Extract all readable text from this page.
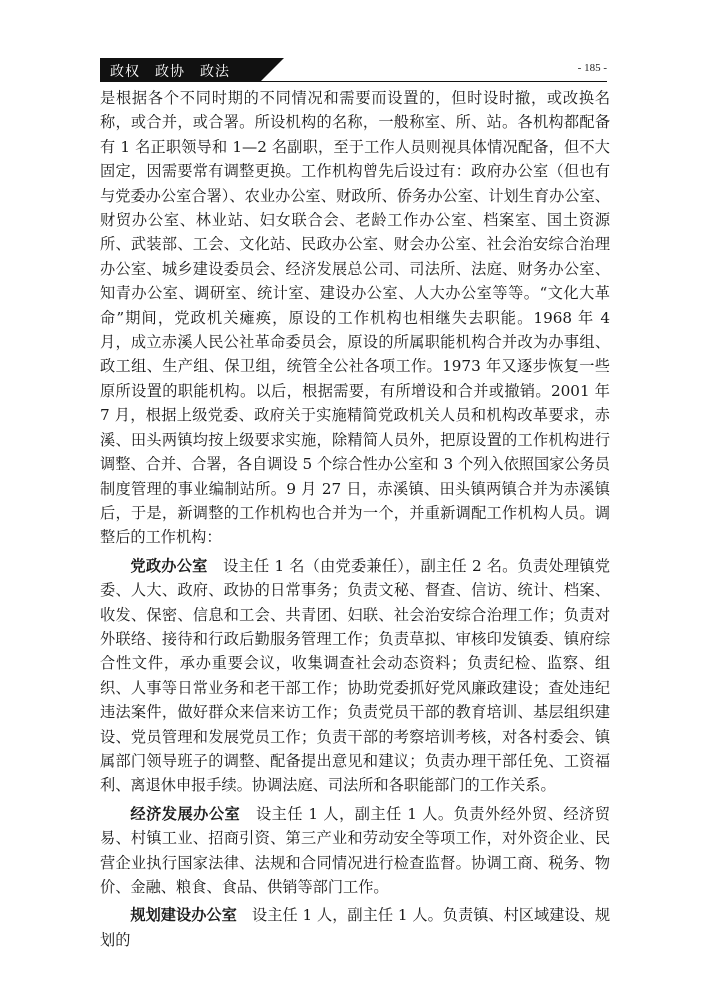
政权　政协　政法	- 185 -

是根据各个不同时期的不同情况和需要而设置的，但时设时撤，或改换名称，或合并，或合署。所设机构的名称，一般称室、所、站。各机构都配备有 1 名正职领导和 1—2 名副职，至于工作人员则视具体情况配备，但不大固定，因需要常有调整更换。工作机构曾先后设过有：政府办公室（但也有与党委办公室合署）、农业办公室、财政所、侨务办公室、计划生育办公室、财贸办公室、林业站、妇女联合会、老龄工作办公室、档案室、国土资源所、武装部、工会、文化站、民政办公室、财会办公室、社会治安综合治理办公室、城乡建设委员会、经济发展总公司、司法所、法庭、财务办公室、知青办公室、调研室、统计室、建设办公室、人大办公室等等。“文化大革命”期间，党政机关瘫痪，原设的工作机构也相继失去职能。1968 年 4 月，成立赤溪人民公社革命委员会，原设的所属职能机构合并改为办事组、政工组、生产组、保卫组，统管全公社各项工作。1973 年又逐步恢复一些原所设置的职能机构。以后，根据需要，有所增设和合并或撤销。2001 年 7 月，根据上级党委、政府关于实施精简党政机关人员和机构改革要求，赤溪、田头两镇均按上级要求实施，除精简人员外，把原设置的工作机构进行调整、合并、合署，各自调设 5 个综合性办公室和 3 个列入依照国家公务员制度管理的事业编制站所。9 月 27 日，赤溪镇、田头镇两镇合并为赤溪镇后，于是，新调整的工作机构也合并为一个，并重新调配工作机构人员。调整后的工作机构：

党政办公室　 设主任 1 名（由党委兼任），副主任 2 名。负责处理镇党委、人大、政府、政协的日常事务；负责文秘、督查、信访、统计、档案、收发、保密、信息和工会、共青团、妇联、社会治安综合治理工作；负责对外联络、接待和行政后勤服务管理工作；负责草拟、审核印发镇委、镇府综合性文件，承办重要会议，收集调查社会动态资料；负责纪检、监察、组织、人事等日常业务和老干部工作；协助党委抓好党风廉政建设；查处违纪违法案件，做好群众来信来访工作；负责党员干部的教育培训、基层组织建设、党员管理和发展党员工作；负责干部的考察培训考核，对各村委会、镇属部门领导班子的调整、配备提出意见和建议；负责办理干部任免、工资福利、离退休申报手续。协调法庭、司法所和各职能部门的工作关系。

经济发展办公室　 设主任 1 人，副主任 1 人。负责外经外贸、经济贸易、村镇工业、招商引资、第三产业和劳动安全等项工作，对外资企业、民营企业执行国家法律、法规和合同情况进行检查监督。协调工商、税务、物价、金融、粮食、食品、供销等部门工作。

规划建设办公室　 设主任 1 人，副主任 1 人。负责镇、村区域建设、规划的
